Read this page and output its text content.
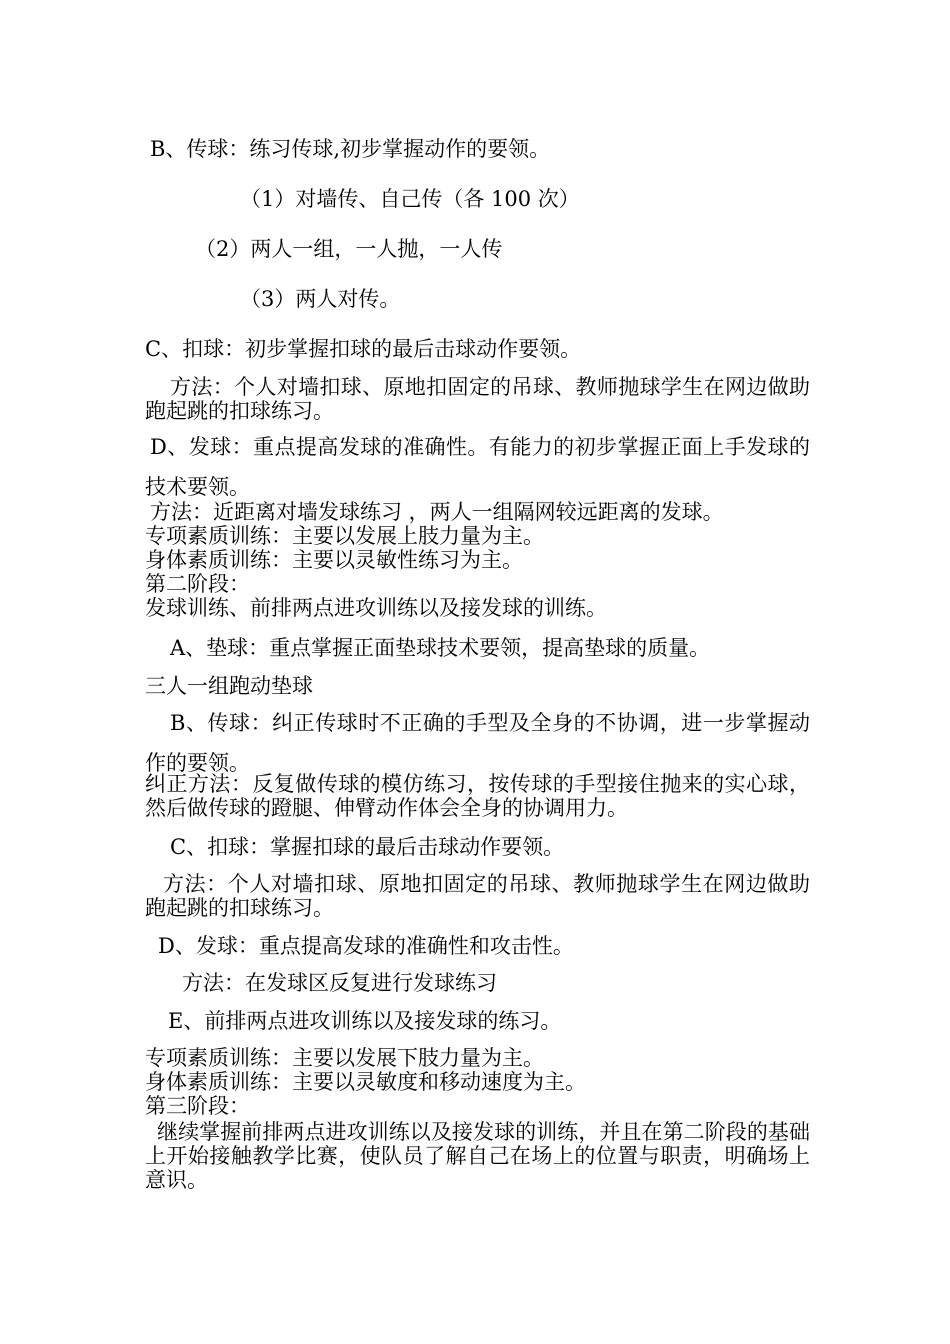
B、传球：练习传球,初步掌握动作的要领。
（1）对墙传、自己传（各 100 次）
（2）两人一组，一人抛，一人传
（3）两人对传。
C、扣球：初步掌握扣球的最后击球动作要领。
方法：个人对墙扣球、原地扣固定的吊球、教师抛球学生在网边做助跑起跳的扣球练习。
D、发球：重点提高发球的准确性。有能力的初步掌握正面上手发球的技术要领。
方法：近距离对墙发球练习 ，两人一组隔网较远距离的发球。
专项素质训练：主要以发展上肢力量为主。
身体素质训练：主要以灵敏性练习为主。
第二阶段：
发球训练、前排两点进攻训练以及接发球的训练。
A、垫球：重点掌握正面垫球技术要领，提高垫球的质量。
三人一组跑动垫球
B、传球：纠正传球时不正确的手型及全身的不协调，进一步掌握动作的要领。
纠正方法：反复做传球的模仿练习，按传球的手型接住抛来的实心球，然后做传球的蹬腿、伸臂动作体会全身的协调用力。
C、扣球：掌握扣球的最后击球动作要领。
方法：个人对墙扣球、原地扣固定的吊球、教师抛球学生在网边做助跑起跳的扣球练习。
D、发球：重点提高发球的准确性和攻击性。
方法：在发球区反复进行发球练习
E、前排两点进攻训练以及接发球的练习。
专项素质训练：主要以发展下肢力量为主。
身体素质训练：主要以灵敏度和移动速度为主。
第三阶段：
继续掌握前排两点进攻训练以及接发球的训练，并且在第二阶段的基础上开始接触教学比赛，使队员了解自己在场上的位置与职责，明确场上意识。
